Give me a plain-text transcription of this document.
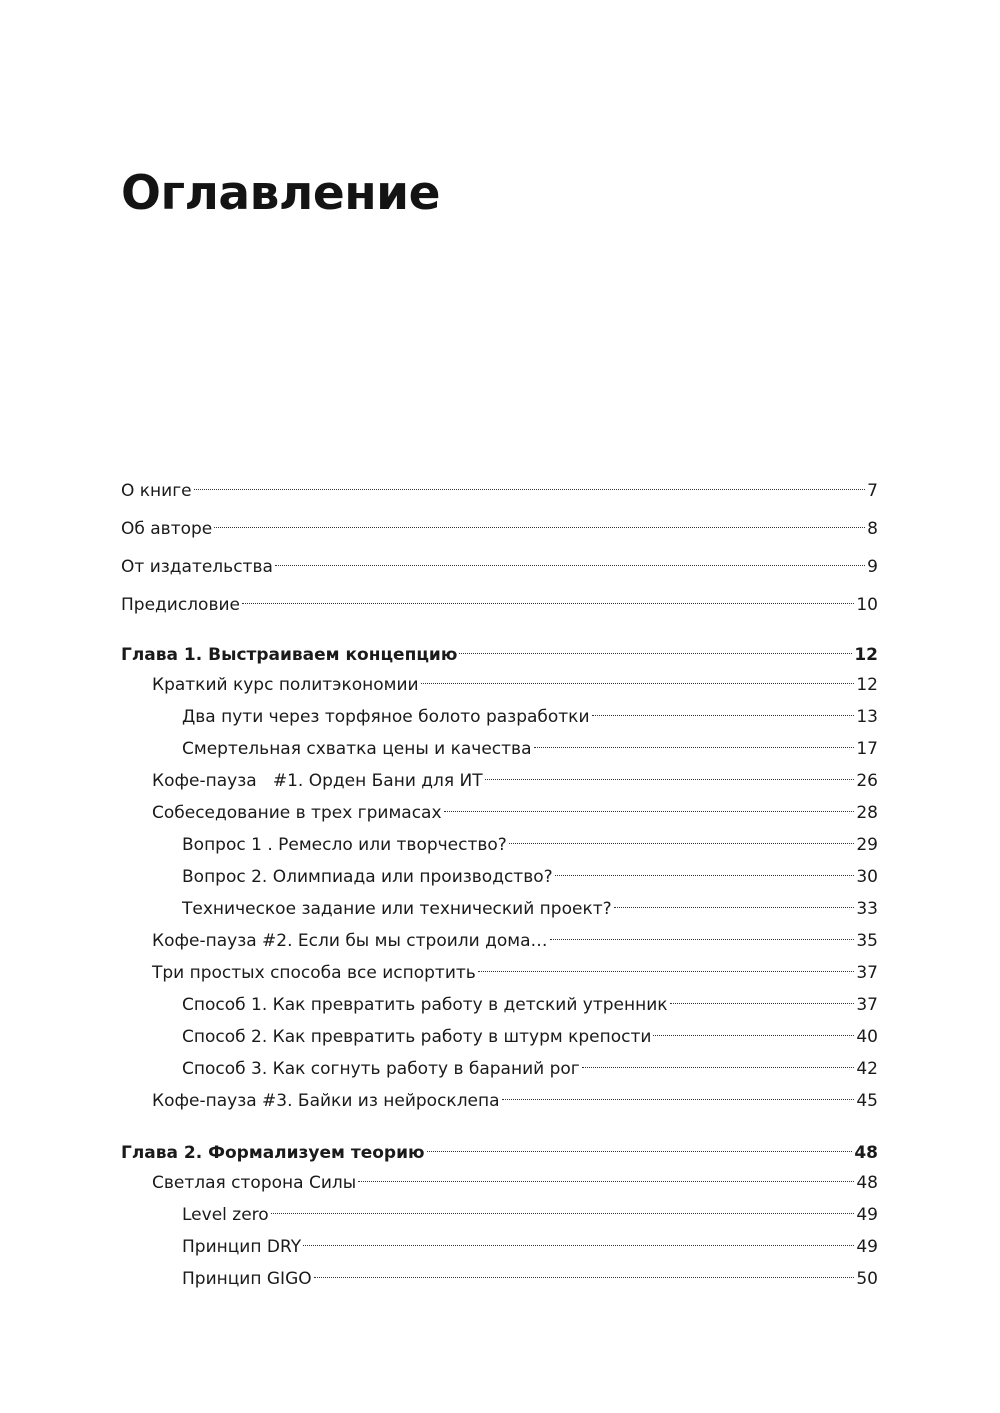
Оглавление
О книге	7
Об авторе	8
От издательства	9
Предисловие	10
Глава 1. Выстраиваем концепцию	12
Краткий курс политэкономии	12
Два пути через торфяное болото разработки	13
Смертельная схватка цены и качества	17
Кофе-пауза   #1. Орден Бани для ИТ	26
Собеседование в трех гримасах	28
Вопрос 1 . Ремесло или творчество?	29
Вопрос 2. Олимпиада или производство?	30
Техническое задание или технический проект?	33
Кофе-пауза #2. Если бы мы строили дома…	35
Три простых способа все испортить	37
Способ 1. Как превратить работу в детский утренник	37
Способ 2. Как превратить работу в штурм крепости	40
Способ 3. Как согнуть работу в бараний рог	42
Кофе-пауза #3. Байки из нейросклепа	45
Глава 2. Формализуем теорию	48
Светлая сторона Силы	48
Level zero	49
Принцип DRY	49
Принцип GIGO	50
